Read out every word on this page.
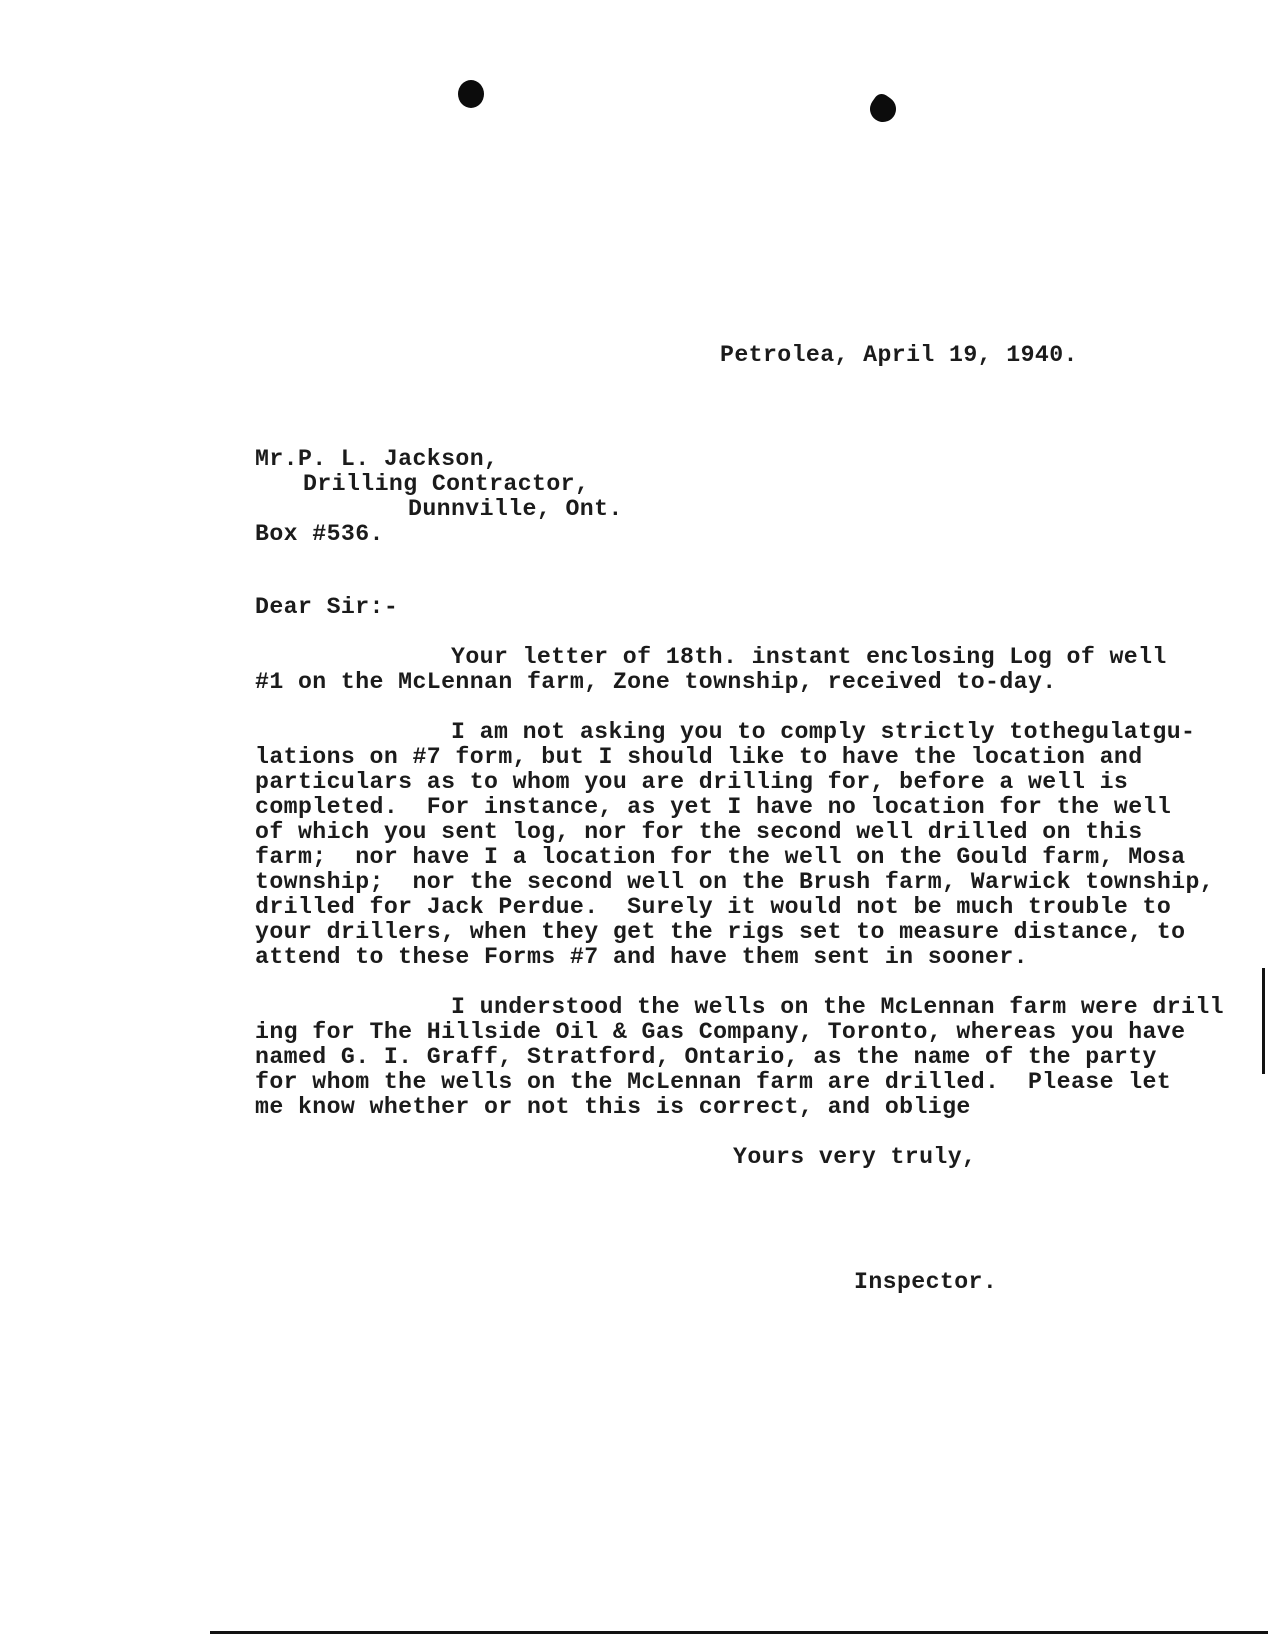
Petrolea, April 19, 1940.
Mr.P. L. Jackson,
Drilling Contractor,
Dunnville, Ont.
Box #536.
Dear Sir:-
Your letter of 18th. instant enclosing Log of well
#1 on the McLennan farm, Zone township, received to-day.
I am not asking you to comply strictly tothegulatgu-
lations on #7 form, but I should like to have the location and
particulars as to whom you are drilling for, before a well is
completed.  For instance, as yet I have no location for the well
of which you sent log, nor for the second well drilled on this
farm;  nor have I a location for the well on the Gould farm, Mosa
township;  nor the second well on the Brush farm, Warwick township,
drilled for Jack Perdue.  Surely it would not be much trouble to
your drillers, when they get the rigs set to measure distance, to
attend to these Forms #7 and have them sent in sooner.
I understood the wells on the McLennan farm were drill
ing for The Hillside Oil & Gas Company, Toronto, whereas you have
named G. I. Graff, Stratford, Ontario, as the name of the party
for whom the wells on the McLennan farm are drilled.  Please let
me know whether or not this is correct, and oblige
Yours very truly,
Inspector.
